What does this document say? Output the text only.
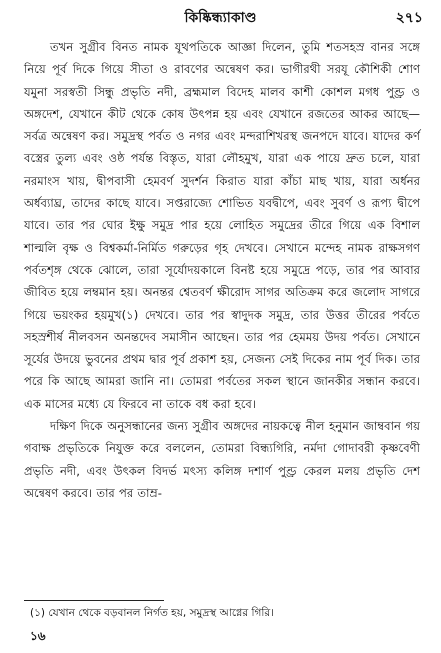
কিষ্কিন্ধ্যাকাণ্ড	২৭১

তখন সুগ্রীব বিনত নামক যূথপতিকে আজ্ঞা দিলেন, তুমি শতসহস্র বানর সঙ্গে নিয়ে পূর্ব দিকে গিয়ে সীতা ও রাবণের অন্বেষণ কর। ভাগীরথী সরযূ কৌশিকী শোণ যমুনা সরস্বতী সিন্ধু প্রভৃতি নদী, ব্রহ্মমাল বিদেহ মালব কাশী কোশল মগধ পুণ্ড্র ও অঙ্গদেশ, যেখানে কীট থেকে কোষ উৎপন্ন হয় এবং যেখানে রজতের আকর আছে—সর্বত্র অন্বেষণ কর। সমুদ্রস্থ পর্বত ও নগর এবং মন্দরাশিখরস্থ জনপদে যাবে। যাদের কর্ণ বস্ত্রের তুল্য এবং ওষ্ঠ পর্যন্ত বিস্তৃত, যারা লৌহমুখ, যারা এক পায়ে দ্রুত চলে, যারা নরমাংস খায়, দ্বীপবাসী হেমবর্ণ সুদর্শন কিরাত যারা কাঁচা মাছ খায়, যারা অর্ধনর অর্ধব্যাঘ্র, তাদের কাছে যাবে। সপ্তরাজ্যে শোভিত যবদ্বীপে, এবং সুবর্ণ ও রূপ্য দ্বীপে যাবে। তার পর ঘোর ইক্ষু সমুদ্র পার হয়ে লোহিত সমুদ্রের তীরে গিয়ে এক বিশাল শাল্মলি বৃক্ষ ও বিশ্বকর্মা-নির্মিত গরুড়ের গৃহ দেখবে। সেখানে মন্দেহ নামক রাক্ষসগণ পর্বতশৃঙ্গ থেকে ঝোলে, তারা সূর্যোদয়কালে বিনষ্ট হয়ে সমুদ্রে পড়ে, তার পর আবার জীবিত হয়ে লম্বমান হয়। অনন্তর শ্বেতবর্ণ ক্ষীরোদ সাগর অতিক্রম করে জলোদ সাগরে গিয়ে ভয়ংকর হয়মুখ(১) দেখবে। তার পর স্বাদুদক সমুদ্র, তার উত্তর তীরের পর্বতে সহস্রশীর্ষ নীলবসন অনন্তদেব সমাসীন আছেন। তার পর হেমময় উদয় পর্বত। সেখানে সূর্যের উদয়ে ভুবনের প্রথম দ্বার পূর্ব প্রকাশ হয়, সেজন্য সেই দিকের নাম পূর্ব দিক। তার পরে কি আছে আমরা জানি না। তোমরা পর্বতের সকল স্থানে জানকীর সন্ধান করবে। এক মাসের মধ্যে যে ফিরবে না তাকে বধ করা হবে।

দক্ষিণ দিকে অনুসন্ধানের জন্য সুগ্রীব অঙ্গদের নায়কত্বে নীল হনুমান জাম্ববান গয় গবাক্ষ প্রভৃতিকে নিযুক্ত করে বললেন, তোমরা বিন্ধ্যগিরি, নর্মদা গোদাবরী কৃষ্ণবেণী প্রভৃতি নদী, এবং উৎকল বিদর্ভ মৎস্য কলিঙ্গ দশার্ণ পুণ্ড্র কেরল মলয় প্রভৃতি দেশ অন্বেষণ করবে। তার পর তাম্র-

(১) যেখান থেকে বড়বানল নির্গত হয়, সমুদ্রস্থ আগ্নের গিরি।
১৬
